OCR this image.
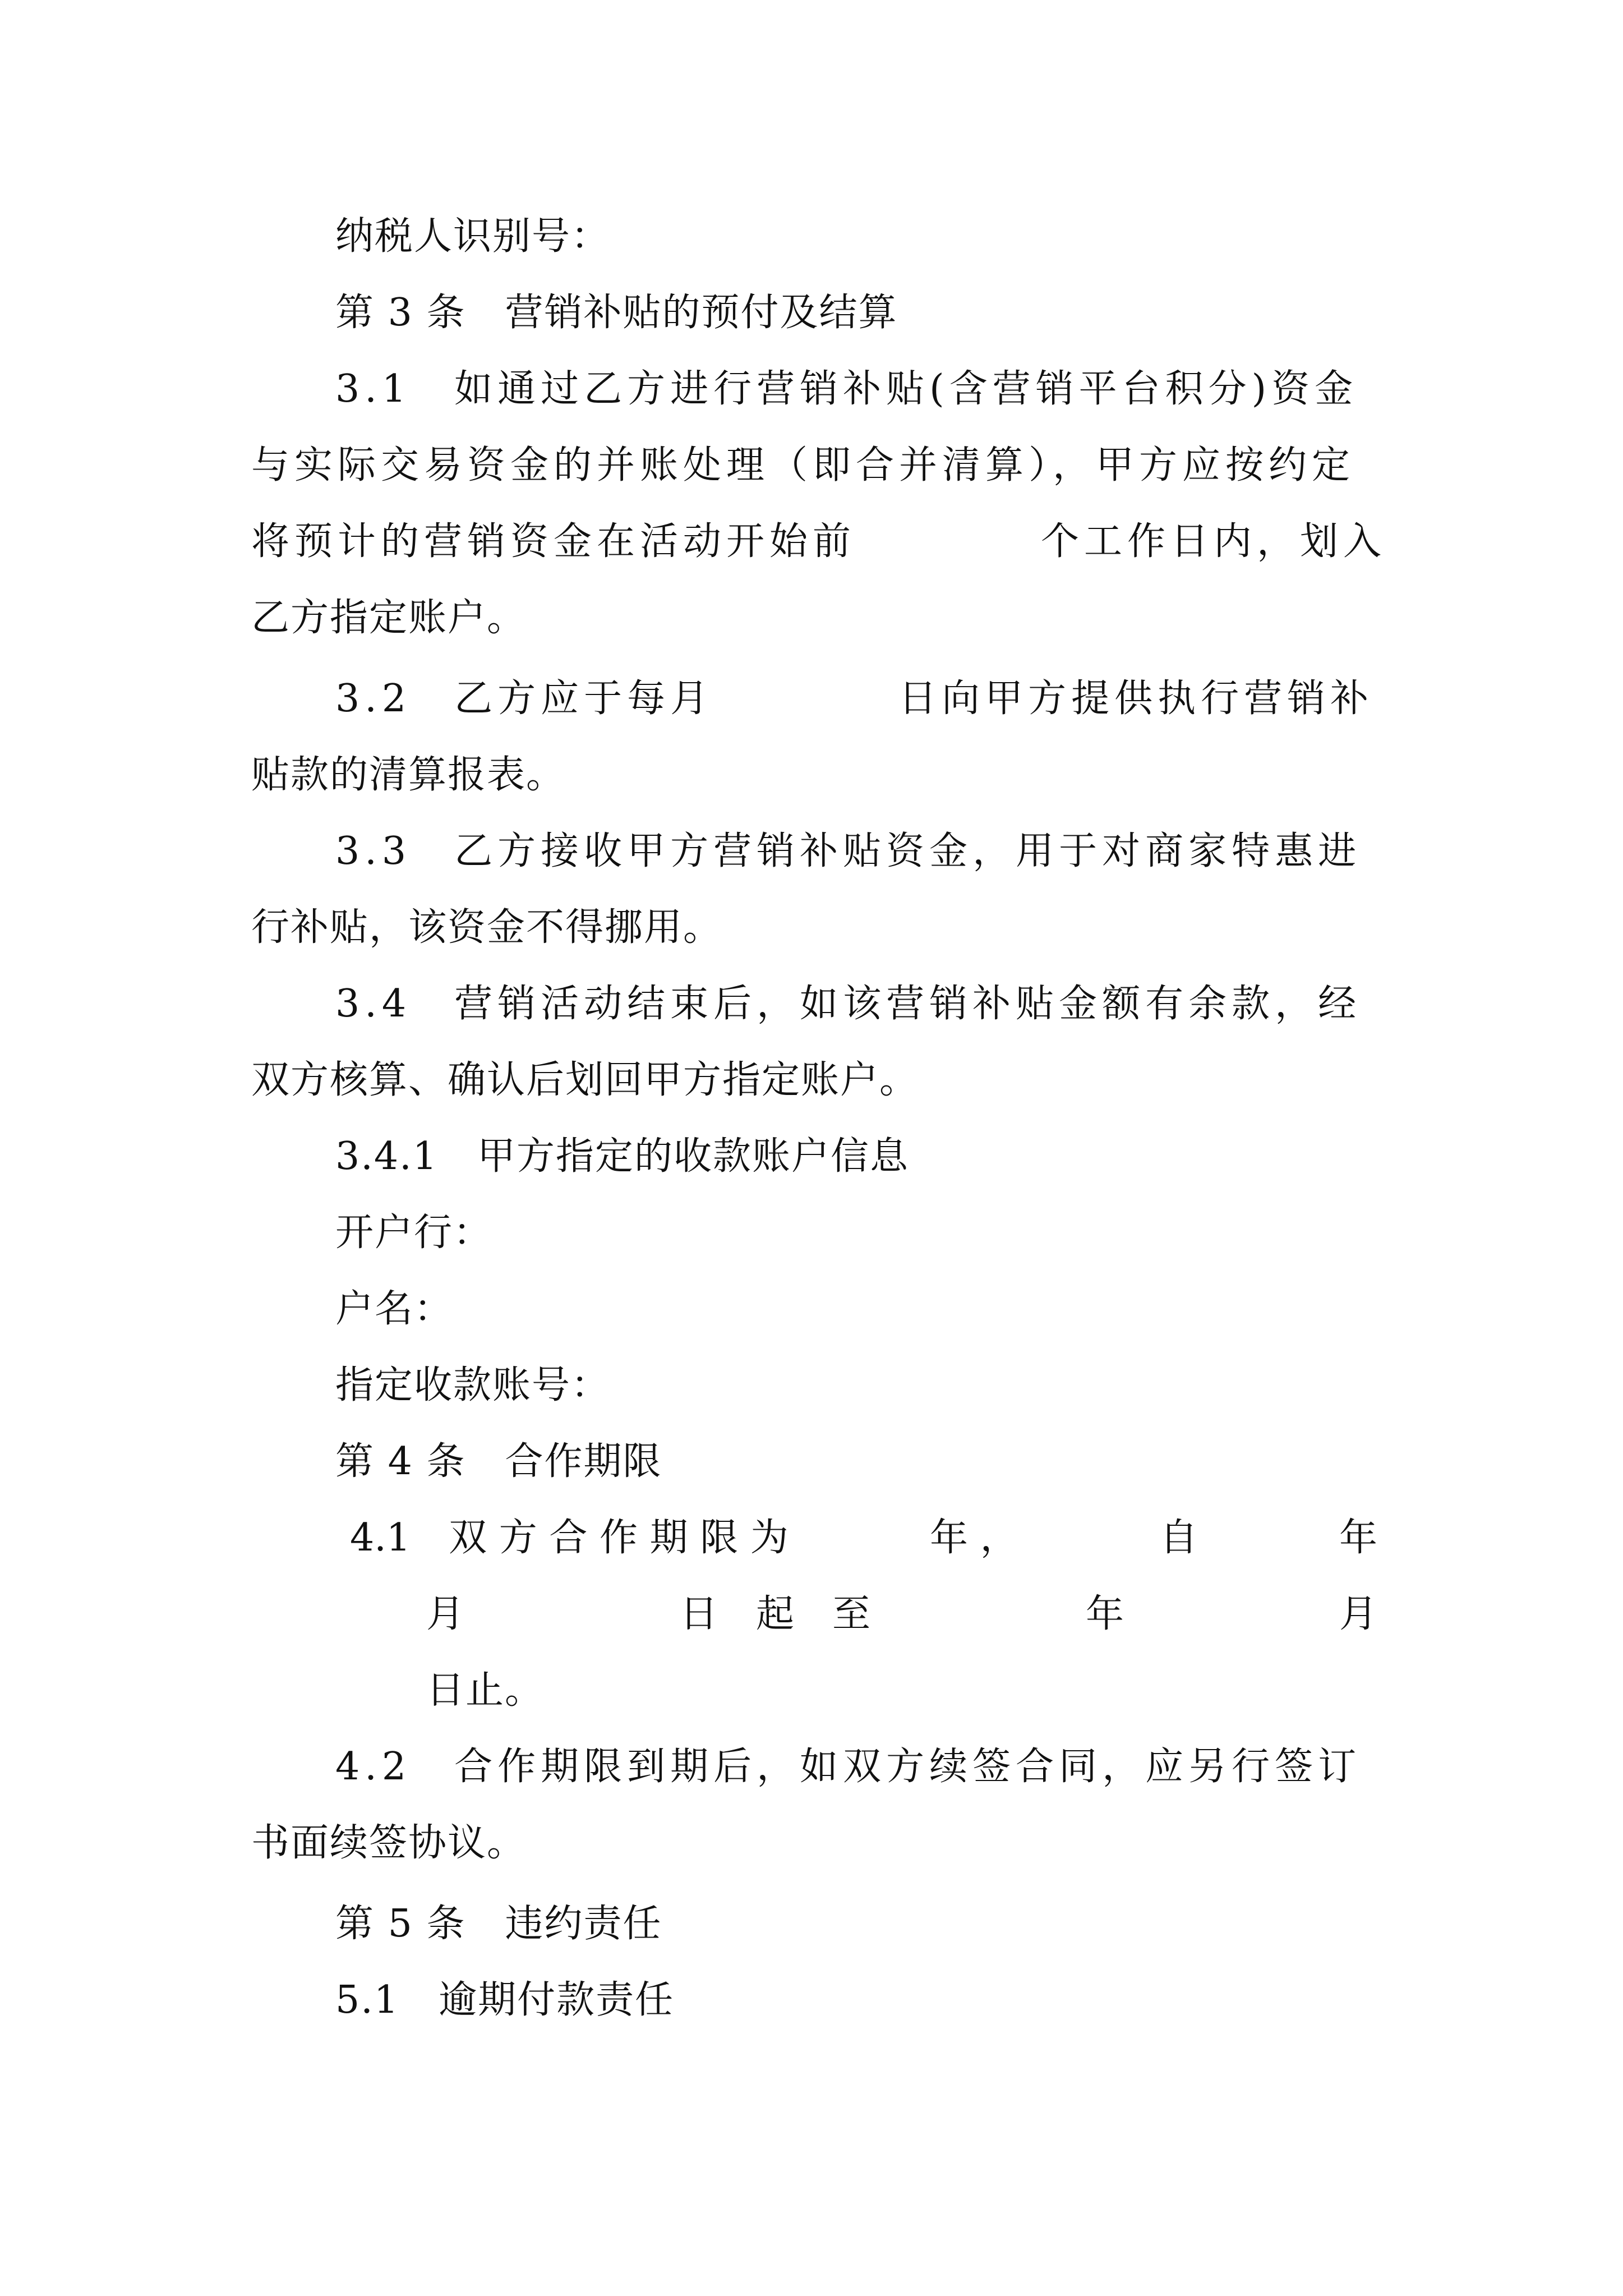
纳税人识别号：
第 3 条　营销补贴的预付及结算
3.1　如通过乙方进行营销补贴(含营销平台积分)资金
与实际交易资金的并账处理（即合并清算），甲方应按约定
将预计的营销资金在活动开始前	个工作日内，划入
乙方指定账户。
3.2　乙方应于每月	日向甲方提供执行营销补
贴款的清算报表。
3.3　乙方接收甲方营销补贴资金，用于对商家特惠进
行补贴，该资金不得挪用。
3.4　营销活动结束后，如该营销补贴金额有余款，经
双方核算、确认后划回甲方指定账户。
3.4.1　甲方指定的收款账户信息
开户行：
户名：
指定收款账号：
第 4 条　合作期限
4.1　双 方 合 作 期 限 为	年 ，	自	年
月	日　起　至	年	月
日止。
4.2　合作期限到期后，如双方续签合同，应另行签订
书面续签协议。
第 5 条　违约责任
5.1　逾期付款责任
